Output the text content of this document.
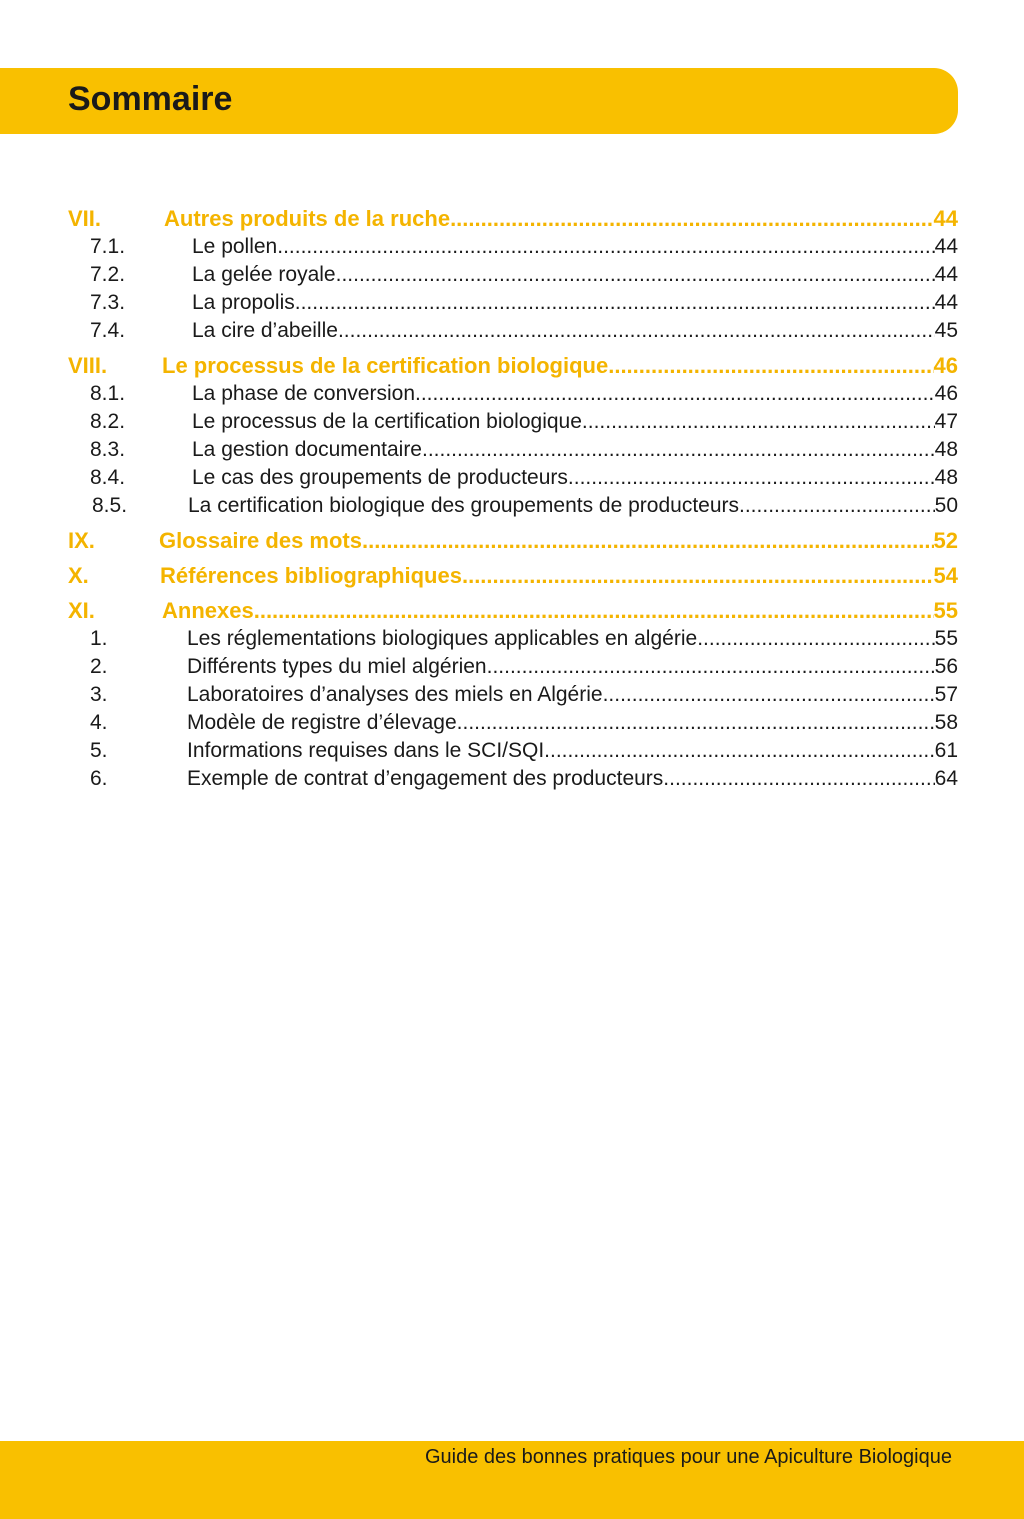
Sommaire
VII.	Autres produits de la ruche .....	44
7.1.	Le pollen .....	44
7.2.	La gelée royale .....	44
7.3.	La propolis .....	44
7.4.	La cire d’abeille .....	45
VIII.	Le processus de la certification biologique .....	46
8.1.	La phase de conversion .....	46
8.2.	Le processus de la certification biologique .....	47
8.3.	La gestion documentaire .....	48
8.4.	Le cas des groupements de producteurs .....	48
8.5.	La certification biologique des groupements de producteurs .....	50
IX.	Glossaire des mots .....	52
X.	Références bibliographiques .....	54
XI.	Annexes .....	55
1.	Les réglementations biologiques applicables en algérie .....	55
2.	Différents types du miel algérien .....	56
3.	Laboratoires d’analyses des miels en Algérie .....	57
4.	Modèle de registre d’élevage .....	58
5.	Informations requises dans le SCI/SQI .....	61
6.	Exemple de contrat d’engagement des producteurs .....	64
Guide des bonnes pratiques pour une Apiculture Biologique
